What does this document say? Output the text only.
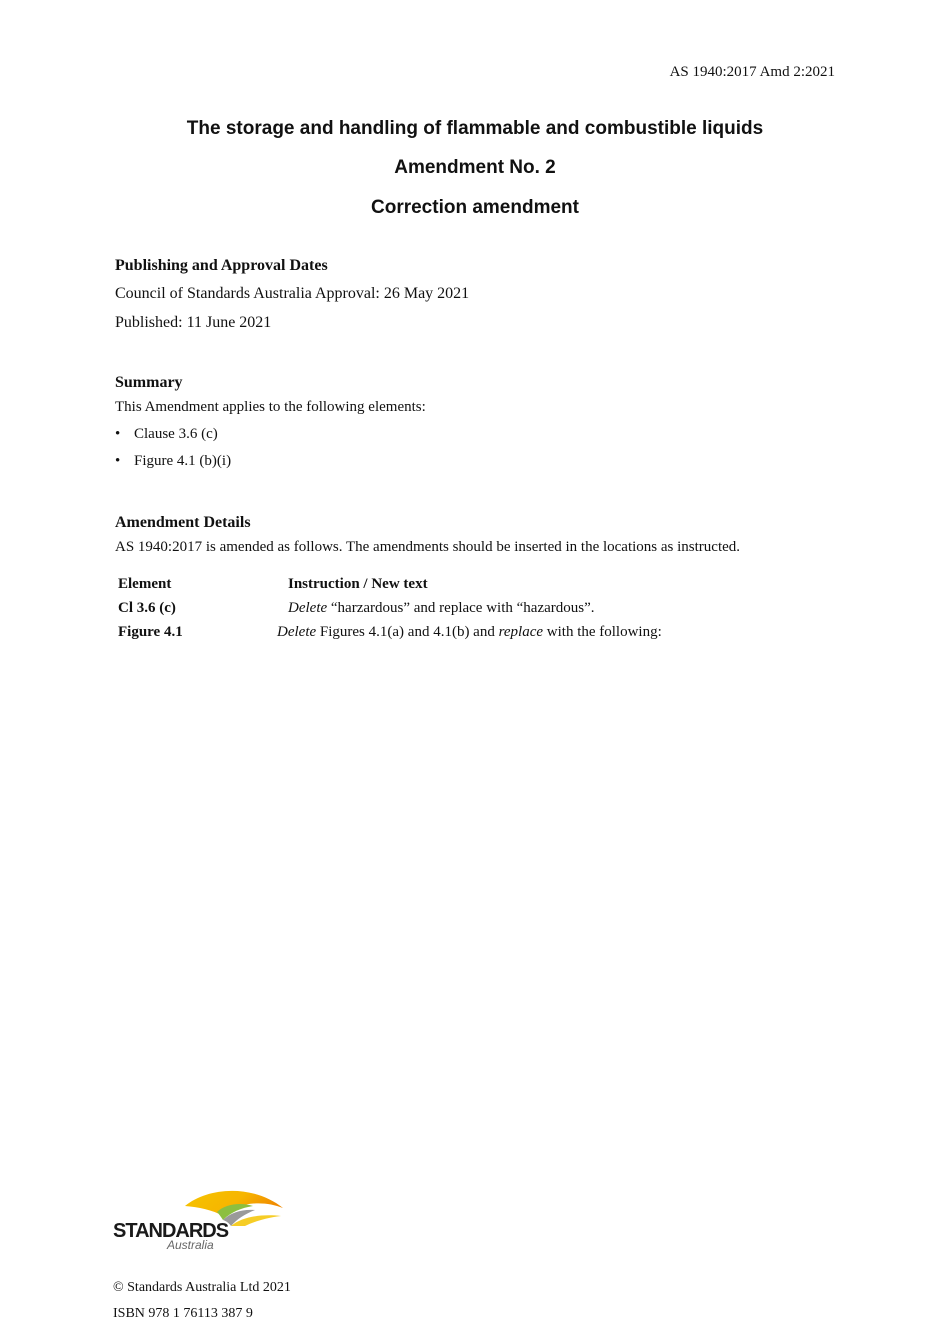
AS 1940:2017 Amd 2:2021
The storage and handling of flammable and combustible liquids
Amendment No. 2
Correction amendment
Publishing and Approval Dates
Council of Standards Australia Approval: 26 May 2021
Published: 11 June 2021
Summary
This Amendment applies to the following elements:
• Clause 3.6 (c)
• Figure 4.1 (b)(i)
Amendment Details
AS 1940:2017 is amended as follows. The amendments should be inserted in the locations as instructed.
Element	Instruction / New text
Cl 3.6 (c)	Delete “harzardous” and replace with “hazardous”.
Figure 4.1	Delete Figures 4.1(a) and 4.1(b) and replace with the following:
STANDARDS
Australia
© Standards Australia Ltd 2021
ISBN 978 1 76113 387 9
